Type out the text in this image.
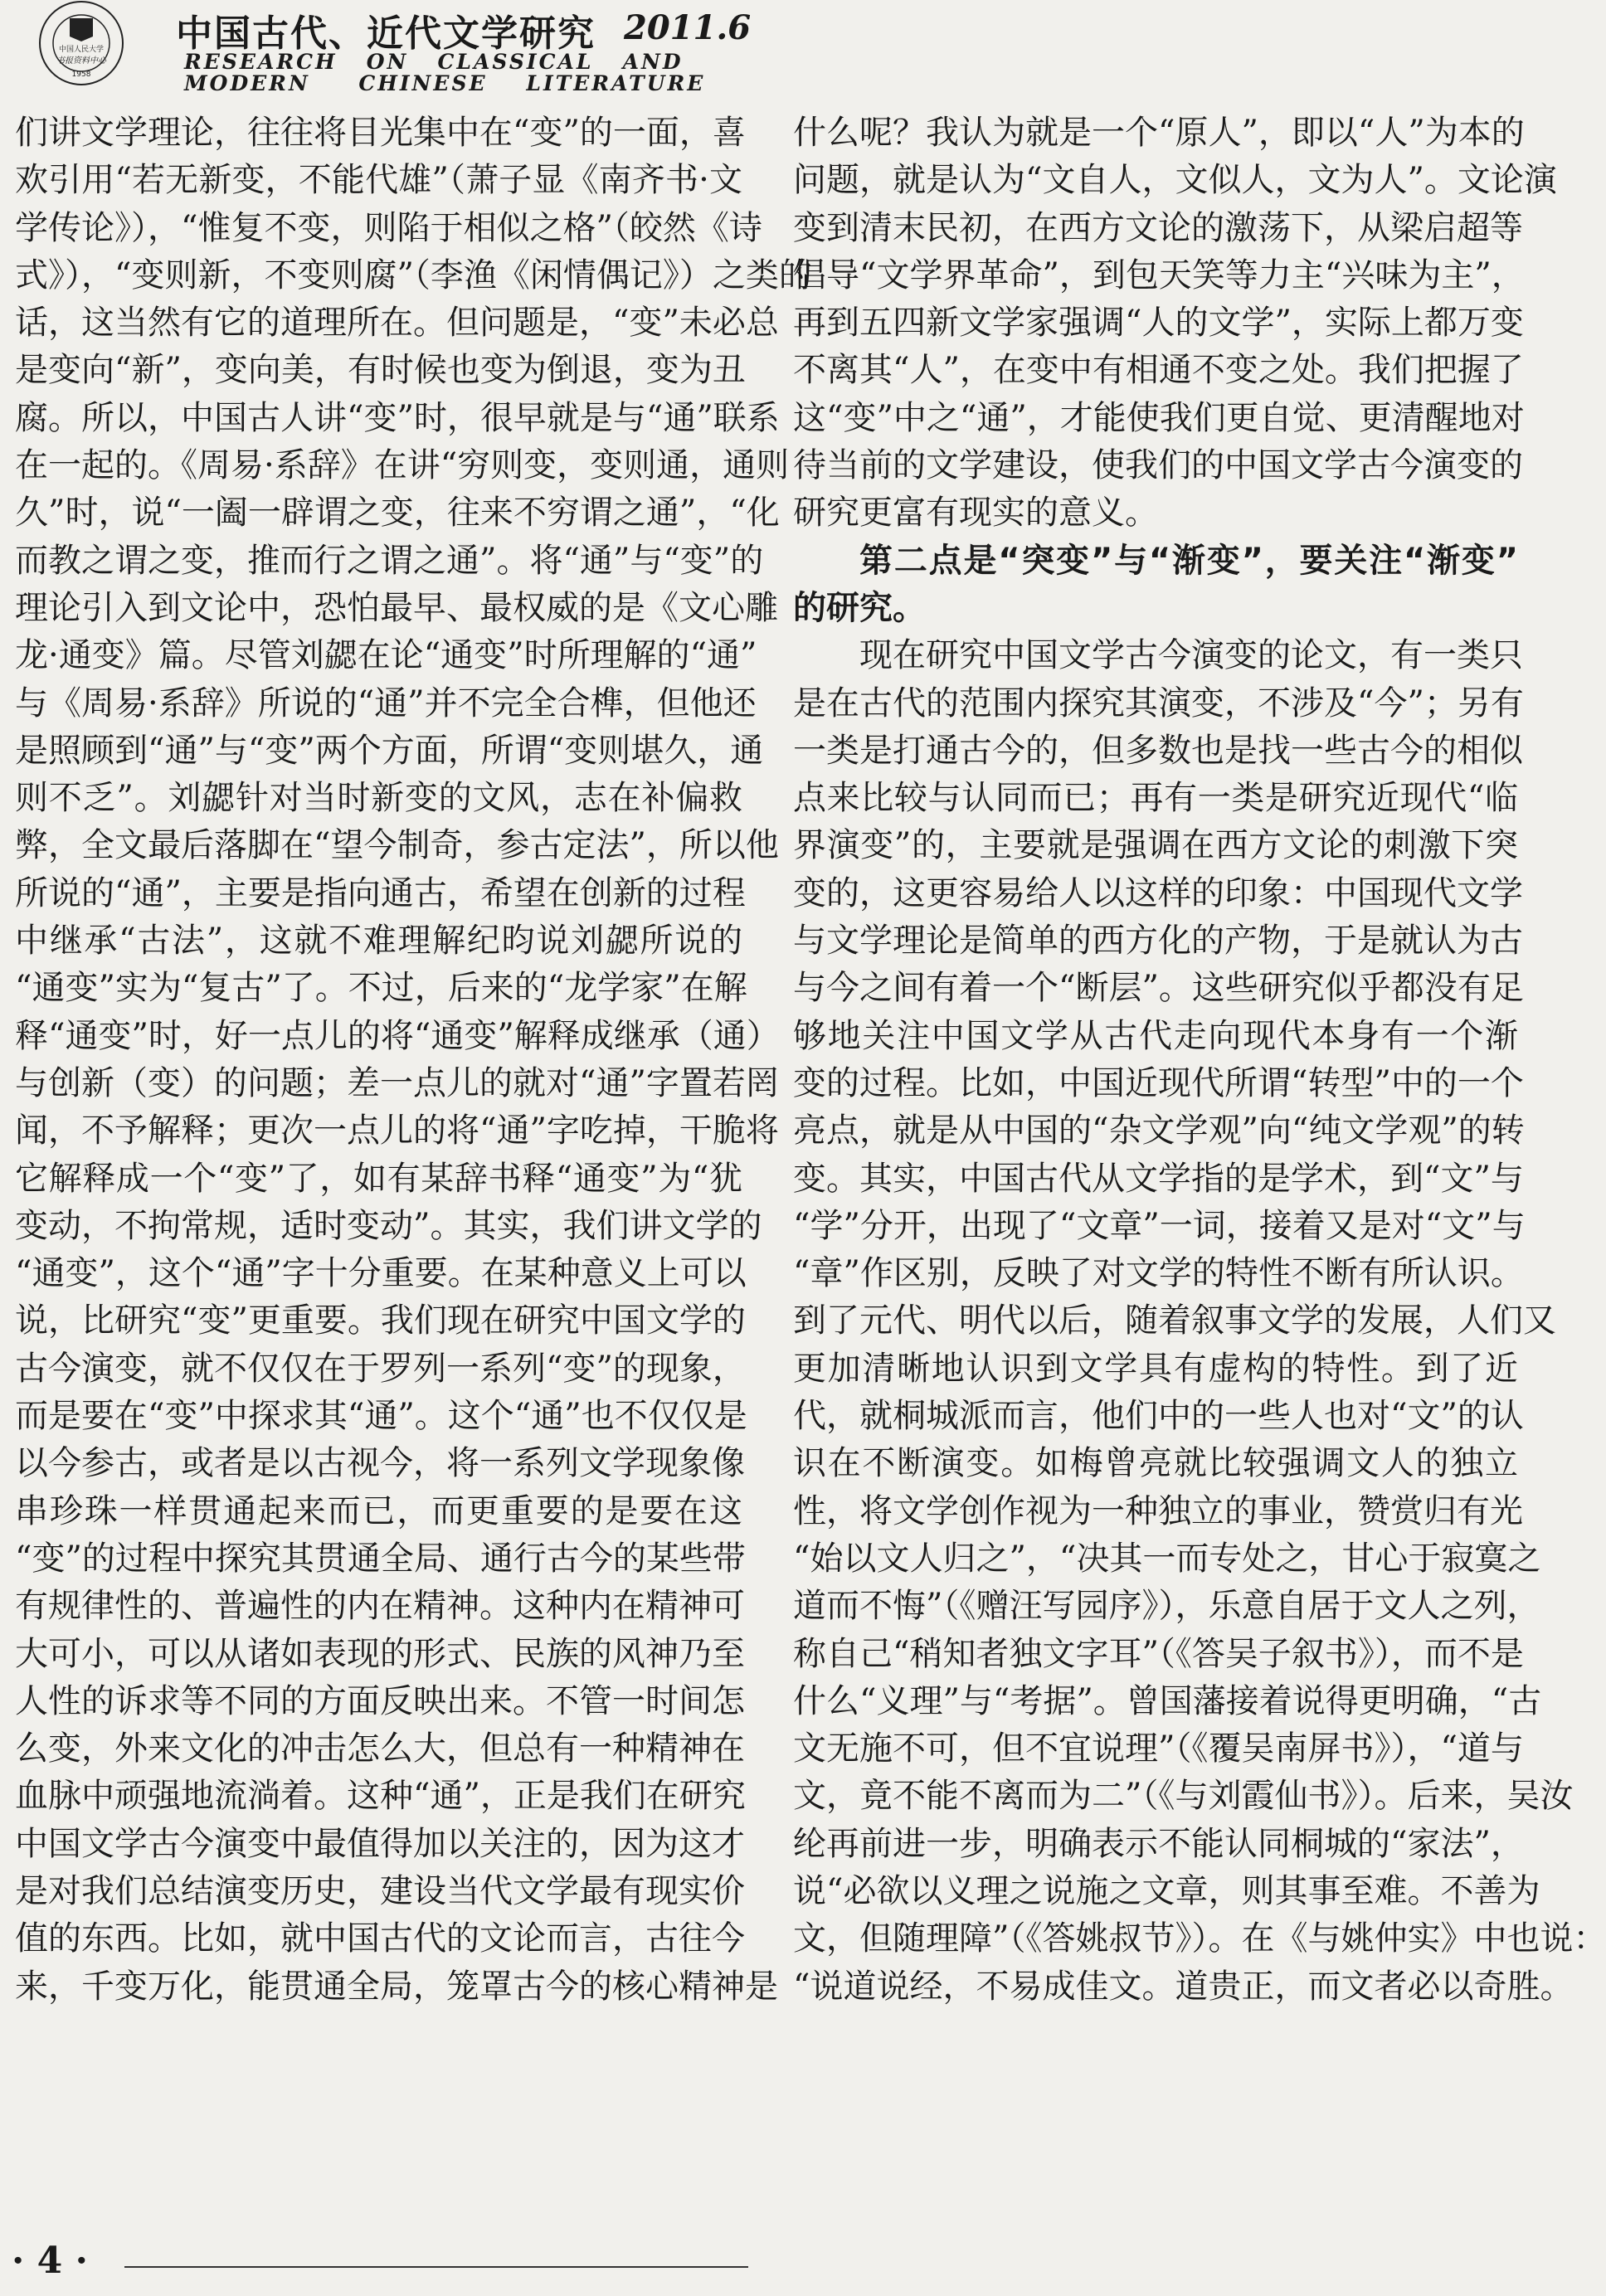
中国人民大学
书报资料中心
1958
中国古代、近代文学研究 2011.6
RESEARCH   ON   CLASSICAL   AND
MODERN     CHINESE    LITERATURE
们讲文学理论，往往将目光集中在“变”的一面，喜
欢引用“若无新变，不能代雄”（萧子显《南齐书·文
学传论》），“惟复不变，则陷于相似之格”（皎然《诗
式》），“变则新，不变则腐”（李渔《闲情偶记》）之类的
话，这当然有它的道理所在。但问题是，“变”未必总
是变向“新”，变向美，有时候也变为倒退，变为丑
腐。所以，中国古人讲“变”时，很早就是与“通”联系
在一起的。《周易·系辞》在讲“穷则变，变则通，通则
久”时，说“一阖一辟谓之变，往来不穷谓之通”，“化
而教之谓之变，推而行之谓之通”。将“通”与“变”的
理论引入到文论中，恐怕最早、最权威的是《文心雕
龙·通变》篇。尽管刘勰在论“通变”时所理解的“通”
与《周易·系辞》所说的“通”并不完全合榫，但他还
是照顾到“通”与“变”两个方面，所谓“变则堪久，通
则不乏”。刘勰针对当时新变的文风，志在补偏救
弊，全文最后落脚在“望今制奇，参古定法”，所以他
所说的“通”，主要是指向通古，希望在创新的过程
中继承“古法”，这就不难理解纪昀说刘勰所说的
“通变”实为“复古”了。不过，后来的“龙学家”在解
释“通变”时，好一点儿的将“通变”解释成继承（通）
与创新（变）的问题；差一点儿的就对“通”字置若罔
闻，不予解释；更次一点儿的将“通”字吃掉，干脆将
它解释成一个“变”了，如有某辞书释“通变”为“犹
变动，不拘常规，适时变动”。其实，我们讲文学的
“通变”，这个“通”字十分重要。在某种意义上可以
说，比研究“变”更重要。我们现在研究中国文学的
古今演变，就不仅仅在于罗列一系列“变”的现象，
而是要在“变”中探求其“通”。这个“通”也不仅仅是
以今参古，或者是以古视今，将一系列文学现象像
串珍珠一样贯通起来而已，而更重要的是要在这
“变”的过程中探究其贯通全局、通行古今的某些带
有规律性的、普遍性的内在精神。这种内在精神可
大可小，可以从诸如表现的形式、民族的风神乃至
人性的诉求等不同的方面反映出来。不管一时间怎
么变，外来文化的冲击怎么大，但总有一种精神在
血脉中顽强地流淌着。这种“通”，正是我们在研究
中国文学古今演变中最值得加以关注的，因为这才
是对我们总结演变历史，建设当代文学最有现实价
值的东西。比如，就中国古代的文论而言，古往今
来，千变万化，能贯通全局，笼罩古今的核心精神是
什么呢？我认为就是一个“原人”，即以“人”为本的
问题，就是认为“文自人，文似人，文为人”。文论演
变到清末民初，在西方文论的激荡下，从梁启超等
倡导“文学界革命”，到包天笑等力主“兴味为主”，
再到五四新文学家强调“人的文学”，实际上都万变
不离其“人”，在变中有相通不变之处。我们把握了
这“变”中之“通”，才能使我们更自觉、更清醒地对
待当前的文学建设，使我们的中国文学古今演变的
研究更富有现实的意义。
第二点是“突变”与“渐变”，要关注“渐变”
的研究。
现在研究中国文学古今演变的论文，有一类只
是在古代的范围内探究其演变，不涉及“今”；另有
一类是打通古今的，但多数也是找一些古今的相似
点来比较与认同而已；再有一类是研究近现代“临
界演变”的，主要就是强调在西方文论的刺激下突
变的，这更容易给人以这样的印象：中国现代文学
与文学理论是简单的西方化的产物，于是就认为古
与今之间有着一个“断层”。这些研究似乎都没有足
够地关注中国文学从古代走向现代本身有一个渐
变的过程。比如，中国近现代所谓“转型”中的一个
亮点，就是从中国的“杂文学观”向“纯文学观”的转
变。其实，中国古代从文学指的是学术，到“文”与
“学”分开，出现了“文章”一词，接着又是对“文”与
“章”作区别，反映了对文学的特性不断有所认识。
到了元代、明代以后，随着叙事文学的发展，人们又
更加清晰地认识到文学具有虚构的特性。到了近
代，就桐城派而言，他们中的一些人也对“文”的认
识在不断演变。如梅曾亮就比较强调文人的独立
性，将文学创作视为一种独立的事业，赞赏归有光
“始以文人归之”，“决其一而专处之，甘心于寂寞之
道而不悔”（《赠汪写园序》），乐意自居于文人之列，
称自己“稍知者独文字耳”（《答吴子叙书》），而不是
什么“义理”与“考据”。曾国藩接着说得更明确，“古
文无施不可，但不宜说理”（《覆吴南屏书》），“道与
文，竟不能不离而为二”（《与刘霞仙书》）。后来，吴汝
纶再前进一步，明确表示不能认同桐城的“家法”，
说“必欲以义理之说施之文章，则其事至难。不善为
文，但随理障”（《答姚叔节》）。在《与姚仲实》中也说：
“说道说经，不易成佳文。道贵正，而文者必以奇胜。
· 4 ·
